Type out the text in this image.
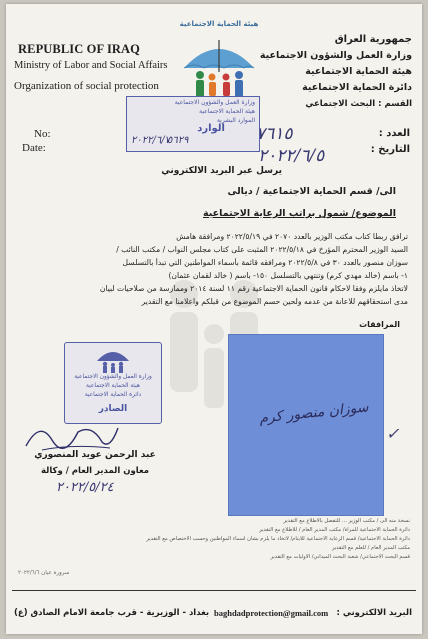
REPUBLIC OF IRAQ
Ministry of Labor and Social Affairs
Organization of social protection
هيئة الحماية الاجتماعية
جمهورية العراق
وزارة العمل والشؤون الاجتماعية
هيئة الحماية الاجتماعية
دائرة الحماية الاجتماعية
القسم : البحث الاجتماعي
No:
Date:
العدد :
التاريخ :
٧٦١٥
٢٠٢٢/٦/٥
وزارة العمل والشؤون الاجتماعية
هيئة الحماية الاجتماعية
الموارد البشرية
الوارد
٥٦٢٩
٢٠٢٢/٦/٧
يرسل عبر البريد الالكتروني
الى/ قسم الحماية الاجتماعية / ديالى
الموضوع/ شمول براتب الرعاية الاجتماعية
ترافق ربطا كتاب مكتب الوزير بالعدد ٢٠٧٠ في ٢٠٢٢/٥/١٩ ومرافقة هامش
السيد الوزير المحترم المؤرخ في ٢٠٢٢/٥/١٨ المثبت على كتاب مجلس النواب / مكتب النائب /
سوزان منصور بالعدد ٣٠ في ٢٠٢٢/٥/٨ ومرافقه قائمة بأسماء المواطنين التي تبدأ بالتسلسل
١- باسم (خالد مهدي كرم) وتنتهي بالتسلسل ١٥٠- باسم ( خالد لقمان عثمان)
لاتخاذ مايلزم وفقا لاحكام قانون الحماية الاجتماعية رقم ١١ لسنة ٢٠١٤ وممارسة من صلاحيات لبيان
مدى استحقاقهم للاعانة من عدمه ولحين حسم الموضوع من قبلكم واعلامنا مع التقدير
المرافقات
سوزان منصور كرم
✓
وزارة العمل والشؤون الاجتماعية
هيئة الحماية الاجتماعية
دائرة الحماية الاجتماعية
الصادر
عبد الرحمن عويد المنصوري
معاون المدير العام / وكالة
٢٠٢٢/٥/٢٤
نسخة منه الى / مكتب الوزير ... للتفضل بالاطلاع مع التقدير
دائرة الحماية الاجتماعية للمراة/ مكتب المدير العام / للاطلاع مع التقدير
دائرة الحماية الاجتماعية/ قسم الرعاية الاجتماعية للايتام/ لاتخاذ ما يلزم بشأن اسماء المواطنين وحسب الاختصاص مع التقدير
مكتب المدير العام / للعلم مع التقدير
قسم البحث الاجتماعي/ شعبة البحث الميداني/ الاوليات مع التقدير
سرورة عيان ٢٠٢٢/٦/٦
بغداد - الوزيرية - قرب جامعة الامام الصادق (ع) baghdadprotection@gmail.com البريد الالكتروني :
